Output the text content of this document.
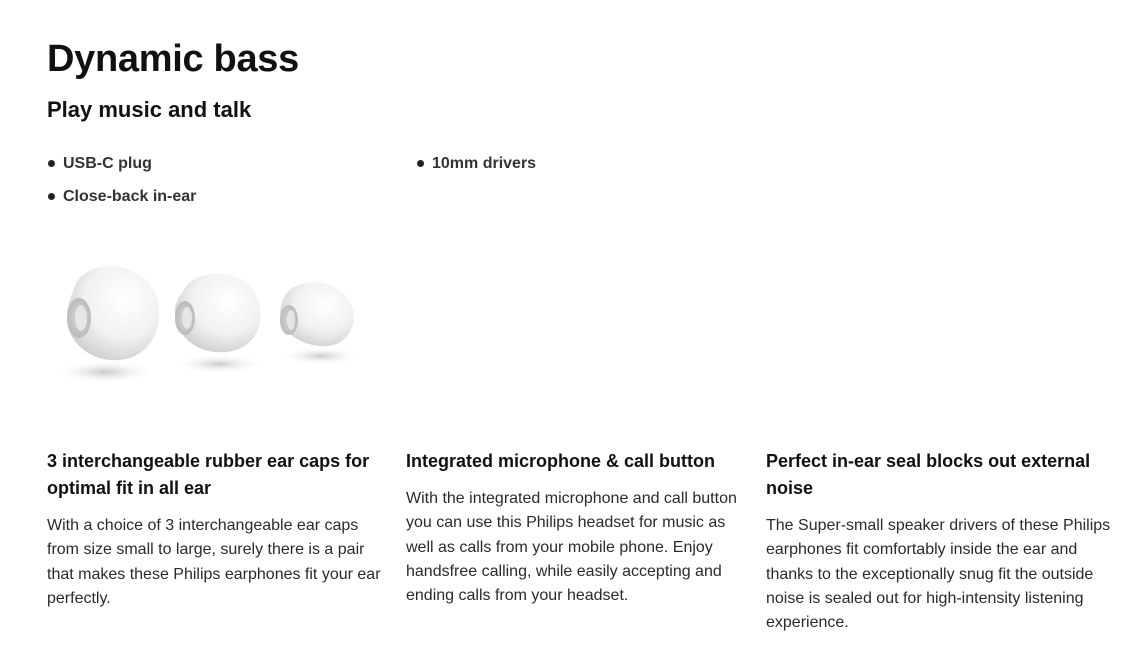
Dynamic bass
Play music and talk
USB-C plug
Close-back in-ear
10mm drivers
3 interchangeable rubber ear caps for optimal fit in all ear

With a choice of 3 interchangeable ear caps from size small to large, surely there is a pair that makes these Philips earphones fit your ear perfectly.

Integrated microphone & call button

With the integrated microphone and call button you can use this Philips headset for music as well as calls from your mobile phone. Enjoy handsfree calling, while easily accepting and ending calls from your headset.

Perfect in-ear seal blocks out external noise

The Super-small speaker drivers of these Philips earphones fit comfortably inside the ear and thanks to the exceptionally snug fit the outside noise is sealed out for high-intensity listening experience.
